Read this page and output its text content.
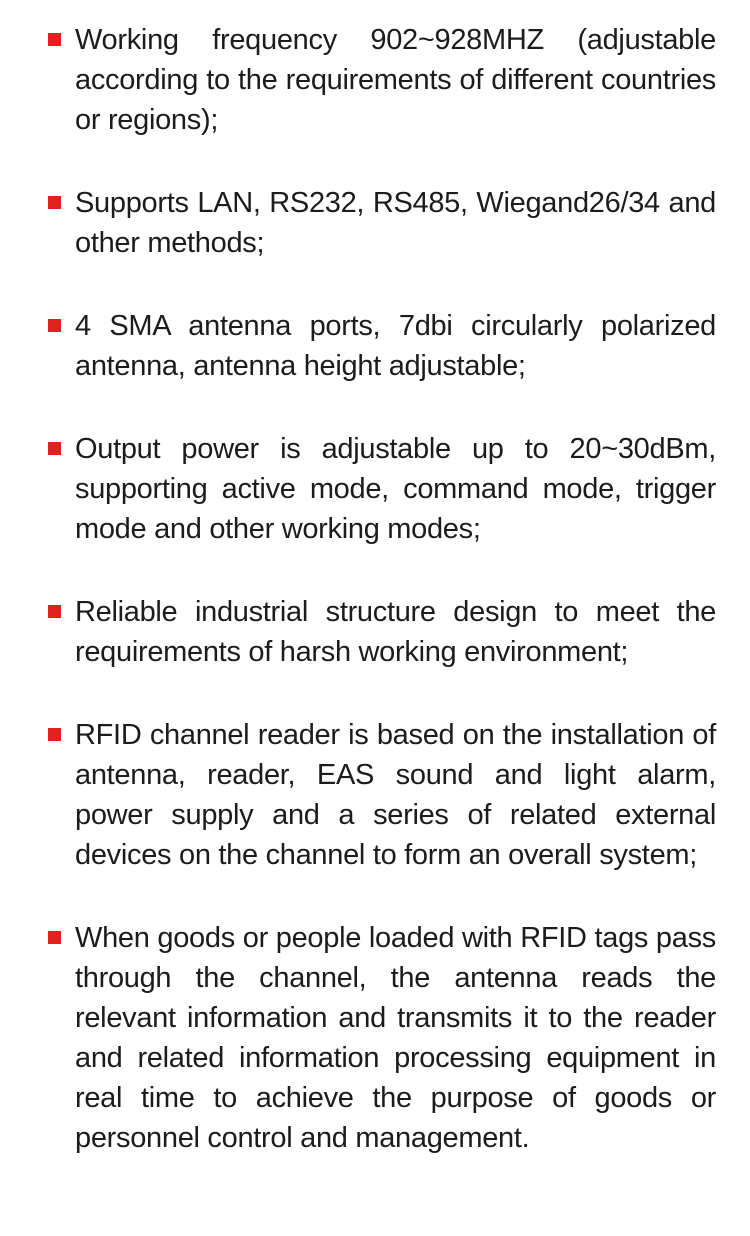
Working frequency 902~928MHZ (adjustable according to the requirements of different countries or regions);

Supports LAN, RS232, RS485, Wiegand26/34 and other methods;

4 SMA antenna ports, 7dbi circularly polarized antenna, antenna height adjustable;

Output power is adjustable up to 20~30dBm, supporting active mode, command mode, trigger mode and other working modes;

Reliable industrial structure design to meet the requirements of harsh working environment;

RFID channel reader is based on the installation of antenna, reader, EAS sound and light alarm, power supply and a series of related external devices on the channel to form an overall system;

When goods or people loaded with RFID tags pass through the channel, the antenna reads the relevant information and transmits it to the reader and related information processing equipment in real time to achieve the purpose of goods or personnel control and management.
